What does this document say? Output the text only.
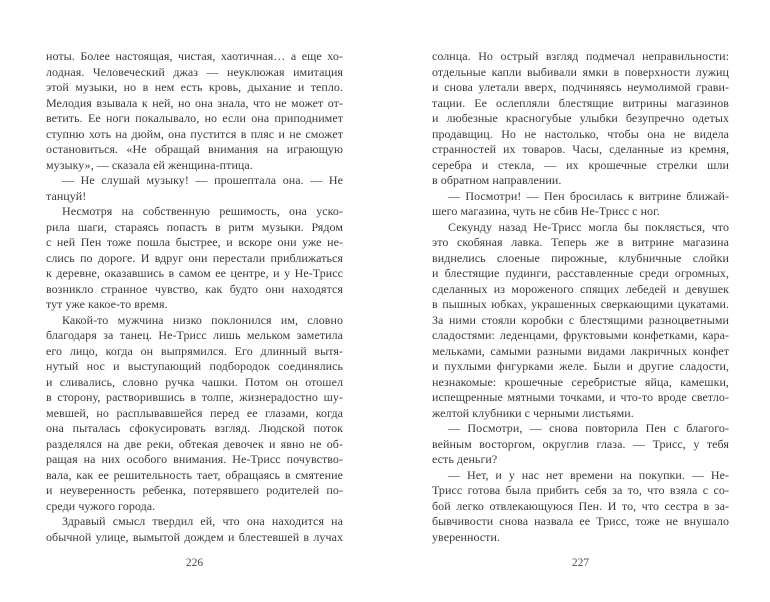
ноты. Более настоящая, чистая, хаотичная… а еще хо-
лодная. Человеческий джаз — неуклюжая имитация
этой музыки, но в нем есть кровь, дыхание и тепло.
Мелодия взывала к ней, но она знала, что не может от-
ветить. Ее ноги покалывало, но если она приподнимет
ступню хоть на дюйм, она пустится в пляс и не сможет
остановиться. «Не обращай внимания на играющую
музыку», — сказала ей женщина-птица.
— Не слушай музыку! — прошептала она. — Не
танцуй!
Несмотря на собственную решимость, она уско-
рила шаги, стараясь попасть в ритм музыки. Рядом
с ней Пен тоже пошла быстрее, и вскоре они уже не-
слись по дороге. И вдруг они перестали приближаться
к деревне, оказавшись в самом ее центре, и у Не-Трисс
возникло странное чувство, как будто они находятся
тут уже какое-то время.
Какой-то мужчина низко поклонился им, словно
благодаря за танец. Не-Трисс лишь мельком заметила
его лицо, когда он выпрямился. Его длинный вытя-
нутый нос и выступающий подбородок соединялись
и сливались, словно ручка чашки. Потом он отошел
в сторону, растворившись в толпе, жизнерадостно шу-
мевшей, но расплывавшейся перед ее глазами, когда
она пыталась сфокусировать взгляд. Людской поток
разделялся на две реки, обтекая девочек и явно не об-
ращая на них особого внимания. Не-Трисс почувство-
вала, как ее решительность тает, обращаясь в смятение
и неуверенность ребенка, потерявшего родителей по-
среди чужого города.
Здравый смысл твердил ей, что она находится на
обычной улице, вымытой дождем и блестевшей в лучах
солнца. Но острый взгляд подмечал неправильности:
отдельные капли выбивали ямки в поверхности лужиц
и снова улетали вверх, подчиняясь неумолимой грави-
тации. Ее ослепляли блестящие витрины магазинов
и любезные красногубые улыбки безупречно одетых
продавщиц. Но не настолько, чтобы она не видела
странностей их товаров. Часы, сделанные из кремня,
серебра и стекла, — их крошечные стрелки шли
в обратном направлении.
— Посмотри! — Пен бросилась к витрине ближай-
шего магазина, чуть не сбив Не-Трисс с ног.
Секунду назад Не-Трисс могла бы поклясться, что
это скобяная лавка. Теперь же в витрине магазина
виднелись слоеные пирожные, клубничные слойки
и блестящие пудинги, расставленные среди огромных,
сделанных из мороженого спящих лебедей и девушек
в пышных юбках, украшенных сверкающими цукатами.
За ними стояли коробки с блестящими разноцветными
сладостями: леденцами, фруктовыми конфетками, кара-
мельками, самыми разными видами лакричных конфет
и пухлыми фигурками желе. Были и другие сладости,
незнакомые: крошечные серебристые яйца, камешки,
испещренные мятными точками, и что-то вроде светло-
желтой клубники с черными листьями.
— Посмотри, — снова повторила Пен с благого-
вейным восторгом, округлив глаза. — Трисс, у тебя
есть деньги?
— Нет, и у нас нет времени на покупки. — Не-
Трисс готова была прибить себя за то, что взяла с со-
бой легко отвлекающуюся Пен. И то, что сестра в за-
бывчивости снова назвала ее Трисс, тоже не внушало
уверенности.
226	227
